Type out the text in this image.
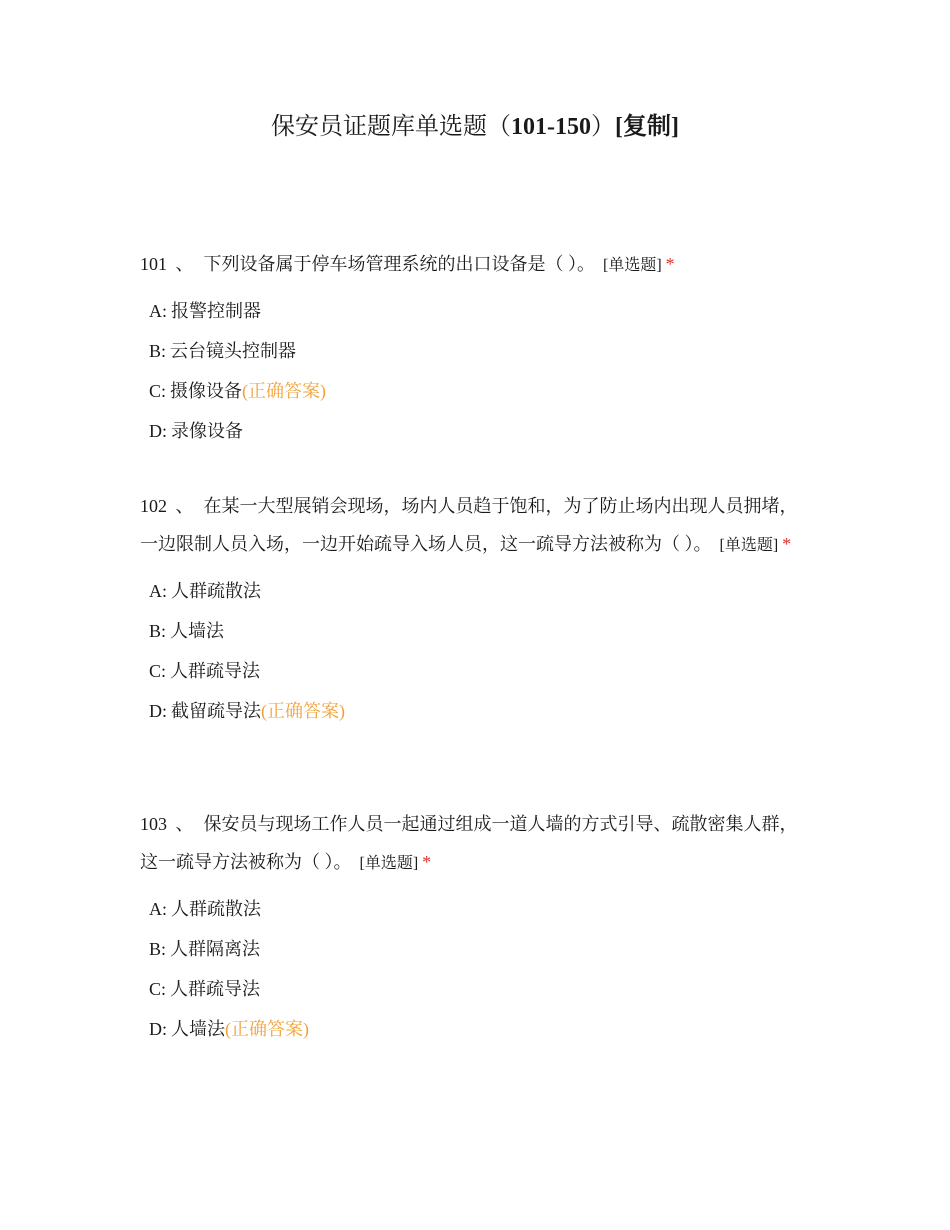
保安员证题库单选题（101-150）[复制]

101 、 下列设备属于停车场管理系统的出口设备是（ ）。 [单选题] *

A: 报警控制器
B: 云台镜头控制器
C: 摄像设备(正确答案)
D: 录像设备

102 、 在某一大型展销会现场，场内人员趋于饱和，为了防止场内出现人员拥堵，一边限制人员入场，一边开始疏导入场人员，这一疏导方法被称为（ ）。 [单选题] *

A: 人群疏散法
B: 人墙法
C: 人群疏导法
D: 截留疏导法(正确答案)

103 、 保安员与现场工作人员一起通过组成一道人墙的方式引导、疏散密集人群，这一疏导方法被称为（ ）。 [单选题] *

A: 人群疏散法
B: 人群隔离法
C: 人群疏导法
D: 人墙法(正确答案)
